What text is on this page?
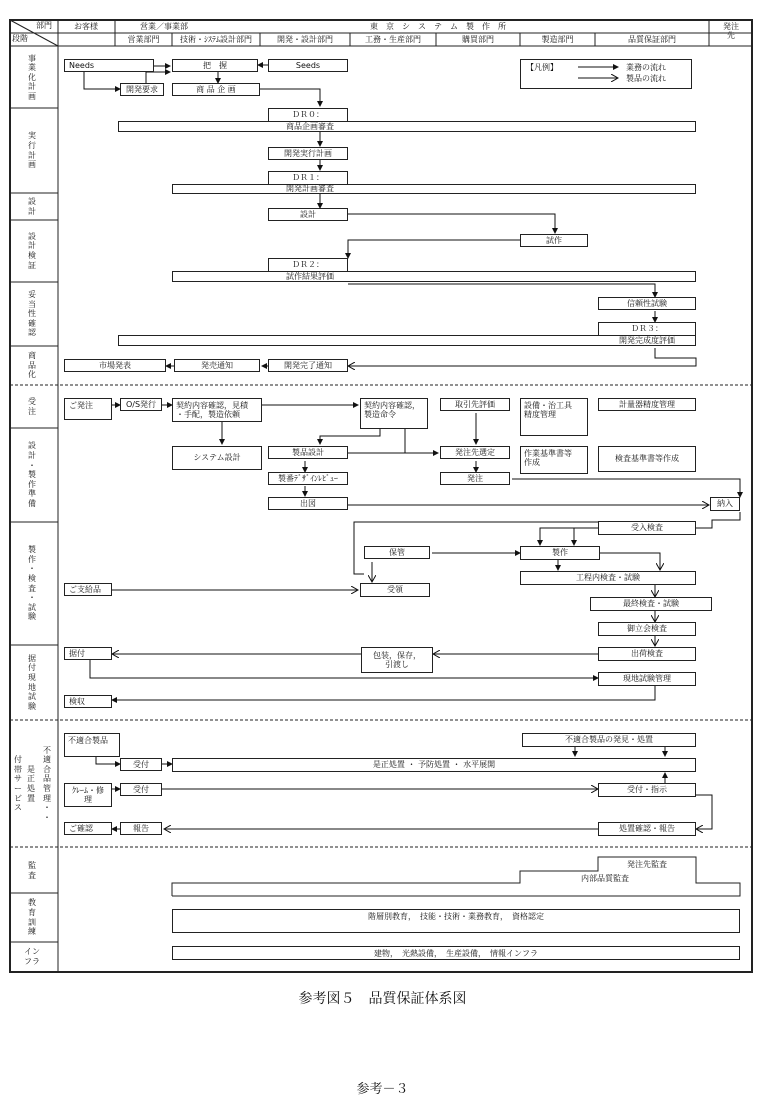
部門
段階
お客様	営業／事業部	東　京　シ　ス　テ　ム　製　作　所	発注
先
営業部門	技術・ｼｽﾃﾑ設計部門	開発・設計部門	工務・生産部門	購買部門	製造部門	品質保証部門
事
業
化
計
画
実
行
計
画
設
計
設
計
検
証
妥
当
性
確
認
商
品
化
受
注
設
計
・
製
作
準
備
製
作
・
検
査
・
試
験
据
付
現
地
試
験
付
帯
サ
ー
ビ
ス
是
正
処
置
不
適
合
品
管
理
・
・
監
査
教
育
訓
練
イン
フラ
【凡例】	業務の流れ
製品の流れ
Needs	把　握	Seeds
開発要求	商 品 企 画
ＤＲ０：
商品企画審査
開発実行計画
ＤＲ１：
開発計画審査
設計
試作
ＤＲ２：
試作結果評価
信頼性試験
ＤＲ３：
開発完成度評価
市場発表	発売通知	開発完了通知
ご発注	O/S発行	契約内容確認，見積
・手配，製造依頼
契約内容確認，
製造命令
取引先評価	設備・治工具
精度管理
計量器精度管理
システム設計
製品設計	発注先選定	作業基準書等
作成	検査基準書等作成
製番ﾃﾞｻﾞｲﾝﾚﾋﾞｭｰ	発注
出図	納入
受入検査
保管	製作
工程内検査・試験
ご支給品	受領
最終検査・試験
御立会検査
据付	包装，保存，
引渡し
出荷検査
現地試験管理
検収
不適合製品	不適合製品の発見・処置
受付	是正処置 ・ 予防処置 ・ 水平展開
ｸﾚｰﾑ・修
理
受付	受付・指示
ご確認	報告	処置確認・報告
発注先監査
内部品質監査
階層別教育，　技能・技術・業務教育，　資格認定
建物，　光熱設備，　生産設備，　情報インフラ
参考図５　品質保証体系図
参考－３
